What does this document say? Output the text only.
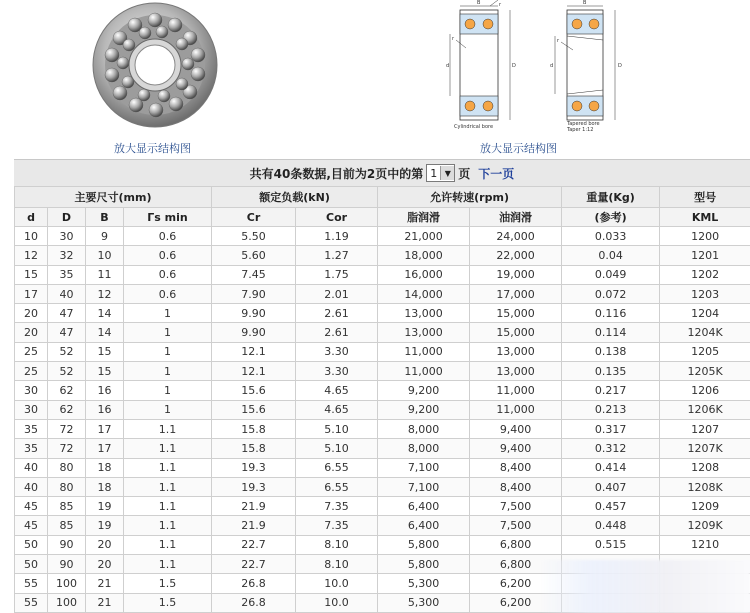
放大显示结构图
d	D
B
r
r
Cylindrical bore
d	D
B
r
Tapered bore
Taper 1:12
放大显示结构图
共有40条数据,目前为2页中的第 1 ▼ 页 下一页
主要尺寸(mm)				额定负载(kN)		允许转速(rpm)		重量(Kg)	型号
d	D	B	Γs min	Cr	Cor	脂润滑	油润滑	(参考)	KML
10	30	9	0.6	5.50	1.19	21,000	24,000	0.033	1200
12	32	10	0.6	5.60	1.27	18,000	22,000	0.04	1201
15	35	11	0.6	7.45	1.75	16,000	19,000	0.049	1202
17	40	12	0.6	7.90	2.01	14,000	17,000	0.072	1203
20	47	14	1	9.90	2.61	13,000	15,000	0.116	1204
20	47	14	1	9.90	2.61	13,000	15,000	0.114	1204K
25	52	15	1	12.1	3.30	11,000	13,000	0.138	1205
25	52	15	1	12.1	3.30	11,000	13,000	0.135	1205K
30	62	16	1	15.6	4.65	9,200	11,000	0.217	1206
30	62	16	1	15.6	4.65	9,200	11,000	0.213	1206K
35	72	17	1.1	15.8	5.10	8,000	9,400	0.317	1207
35	72	17	1.1	15.8	5.10	8,000	9,400	0.312	1207K
40	80	18	1.1	19.3	6.55	7,100	8,400	0.414	1208
40	80	18	1.1	19.3	6.55	7,100	8,400	0.407	1208K
45	85	19	1.1	21.9	7.35	6,400	7,500	0.457	1209
45	85	19	1.1	21.9	7.35	6,400	7,500	0.448	1209K
50	90	20	1.1	22.7	8.10	5,800	6,800	0.515	1210
50	90	20	1.1	22.7	8.10	5,800	6,800		
55	100	21	1.5	26.8	10.0	5,300	6,200		
55	100	21	1.5	26.8	10.0	5,300	6,200		
